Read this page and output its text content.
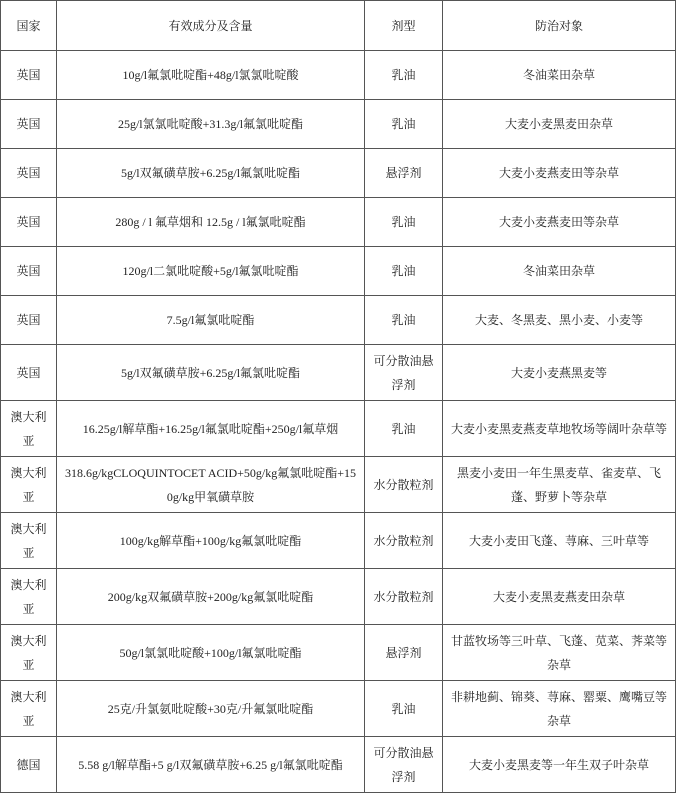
国家	有效成分及含量	剂型	防治对象
英国	10g/l氟氯吡啶酯+48g/l氯氯吡啶酸	乳油	冬油菜田杂草
英国	25g/l氯氯吡啶酸+31.3g/l氟氯吡啶酯	乳油	大麦小麦黑麦田杂草
英国	5g/l双氟磺草胺+6.25g/l氟氯吡啶酯	悬浮剂	大麦小麦燕麦田等杂草
英国	280g / l 氟草烟和 12.5g / l氟氯吡啶酯	乳油	大麦小麦燕麦田等杂草
英国	120g/l二氯吡啶酸+5g/l氟氯吡啶酯	乳油	冬油菜田杂草
英国	7.5g/l氟氯吡啶酯	乳油	大麦、冬黑麦、黑小麦、小麦等
英国	5g/l双氟磺草胺+6.25g/l氟氯吡啶酯	可分散油悬浮剂	大麦小麦燕黑麦等
澳大利亚	16.25g/l解草酯+16.25g/l氟氯吡啶酯+250g/l氟草烟	乳油	大麦小麦黑麦燕麦草地牧场等阔叶杂草等
澳大利亚	318.6g/kgCLOQUINTOCET ACID+50g/kg氟氯吡啶酯+150g/kg甲氧磺草胺	水分散粒剂	黑麦小麦田一年生黑麦草、雀麦草、飞蓬、野萝卜等杂草
澳大利亚	100g/kg解草酯+100g/kg氟氯吡啶酯	水分散粒剂	大麦小麦田飞蓬、荨麻、三叶草等
澳大利亚	200g/kg双氟磺草胺+200g/kg氟氯吡啶酯	水分散粒剂	大麦小麦黑麦燕麦田杂草
澳大利亚	50g/l氯氯吡啶酸+100g/l氟氯吡啶酯	悬浮剂	甘蓝牧场等三叶草、飞蓬、苋菜、荠菜等杂草
澳大利亚	25克/升氯氨吡啶酸+30克/升氟氯吡啶酯	乳油	非耕地蓟、锦葵、荨麻、罂粟、鹰嘴豆等杂草
德国	5.58 g/l解草酯+5 g/l双氟磺草胺+6.25 g/l氟氯吡啶酯	可分散油悬浮剂	大麦小麦黑麦等一年生双子叶杂草
